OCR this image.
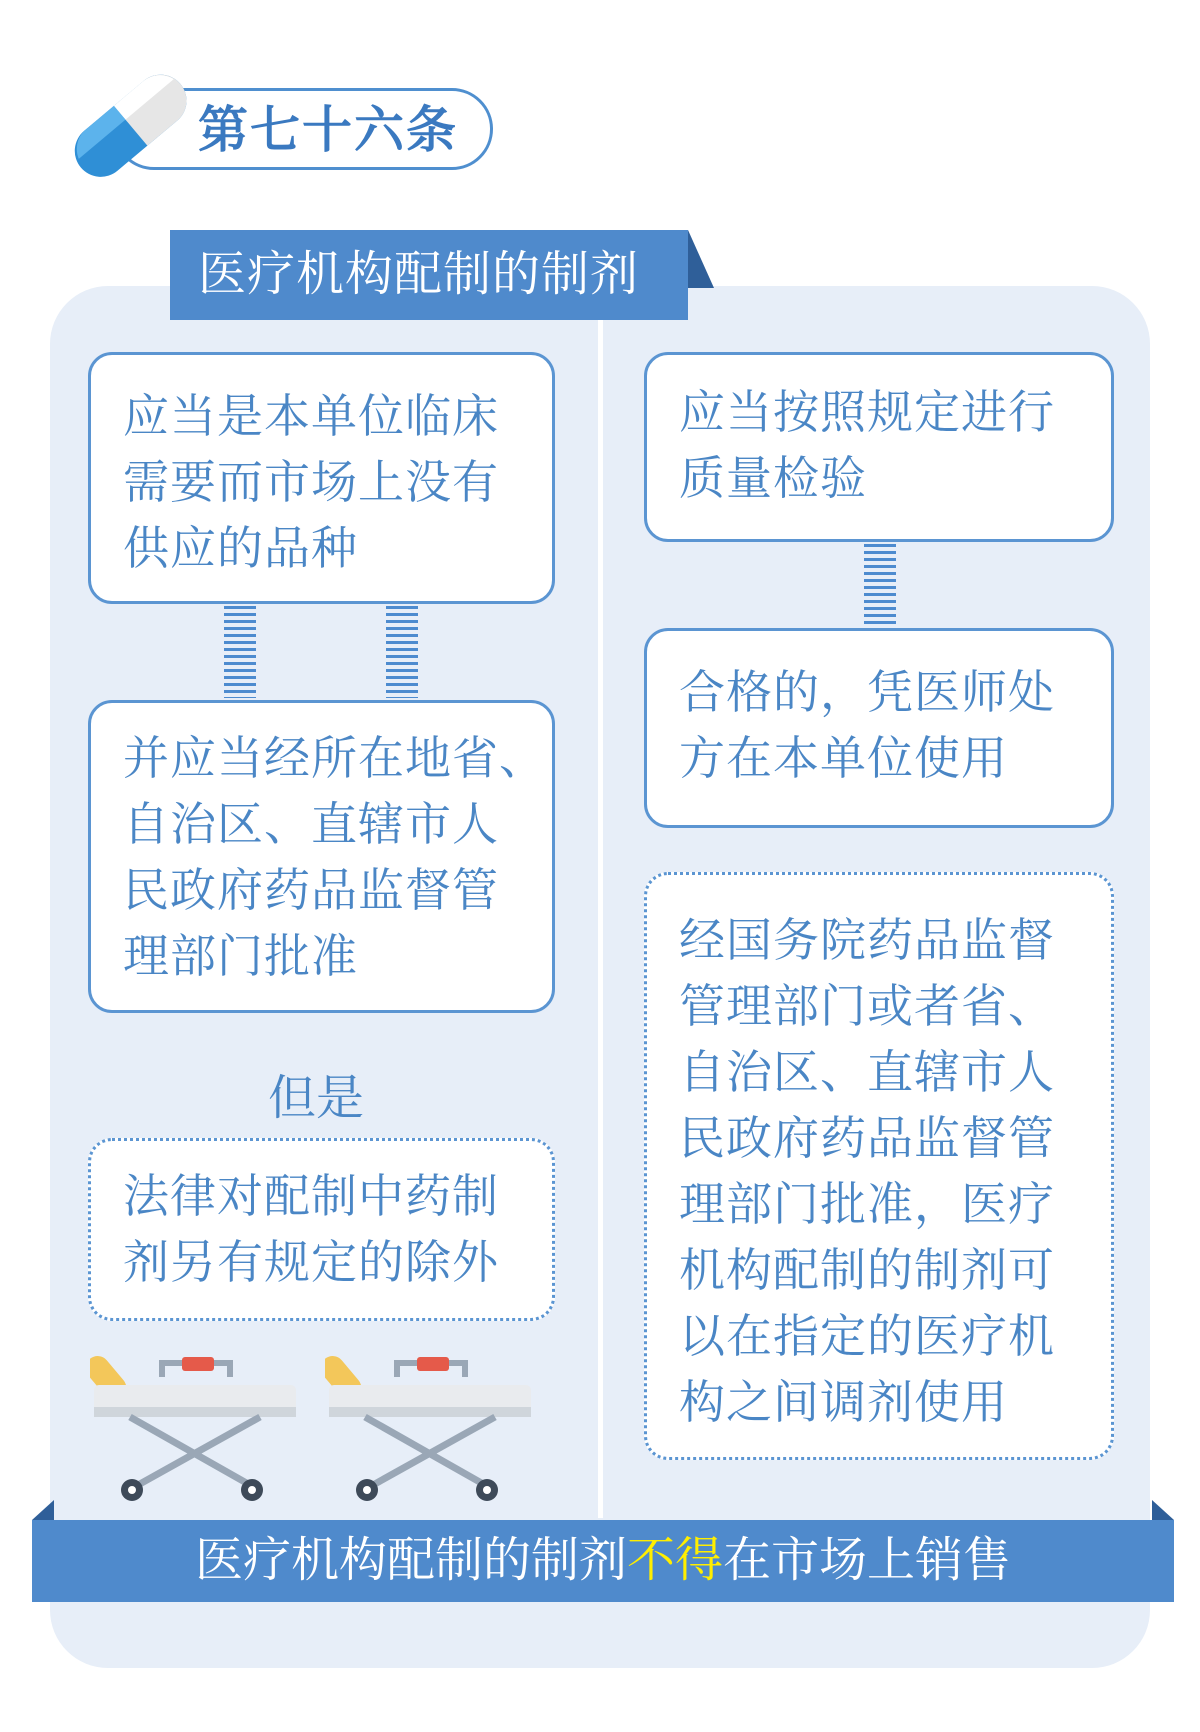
第七十六条
医疗机构配制的制剂
应当是本单位临床
需要而市场上没有
供应的品种
并应当经所在地省、
自治区、直辖市人
民政府药品监督管
理部门批准
但是
法律对配制中药制
剂另有规定的除外
应当按照规定进行
质量检验
合格的，凭医师处
方在本单位使用
经国务院药品监督
管理部门或者省、
自治区、直辖市人
民政府药品监督管
理部门批准，医疗
机构配制的制剂可
以在指定的医疗机
构之间调剂使用
医疗机构配制的制剂不得在市场上销售
